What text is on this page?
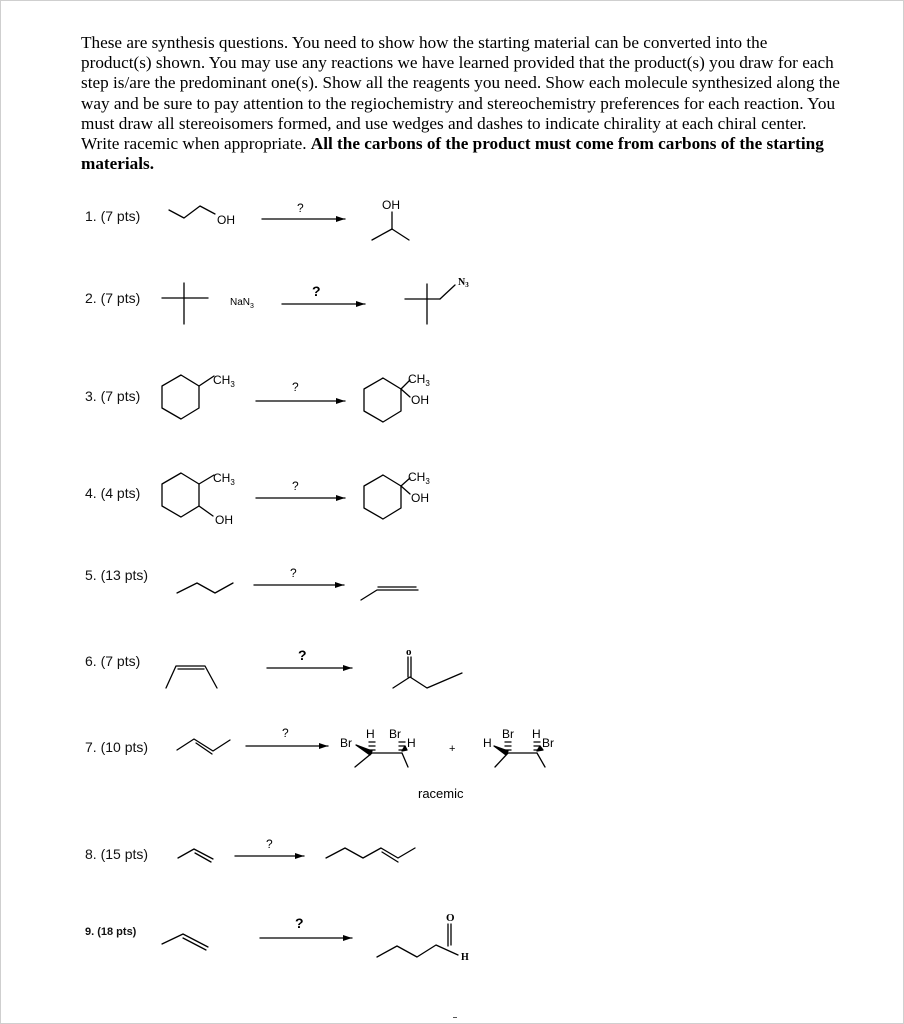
These are synthesis questions. You need to show how the starting material can be converted into the product(s) shown. You may use any reactions we have learned provided that the product(s) you draw for each step is/are the predominant one(s). Show all the reagents you need. Show each molecule synthesized along the way and be sure to pay attention to the regiochemistry and stereochemistry preferences for each reaction. You must draw all stereoisomers formed, and use wedges and dashes to indicate chirality at each chiral center. Write racemic when appropriate. All the carbons of the product must come from carbons of the starting materials.

1. (7 pts)
2. (7 pts)
3. (7 pts)
4. (4 pts)
5. (13 pts)
6. (7 pts)
7. (10 pts)
8. (15 pts)
9. (18 pts)
OH
?	OH
NaN$_3$
?
$N_3$
$CH_3$	?
$CH_3$
OH
$CH_3$
OH
?
$CH_3$
OH
?
?	o
?
Br
H Br
H	+ H
Br H
Br
racemic
?
?	O
H
